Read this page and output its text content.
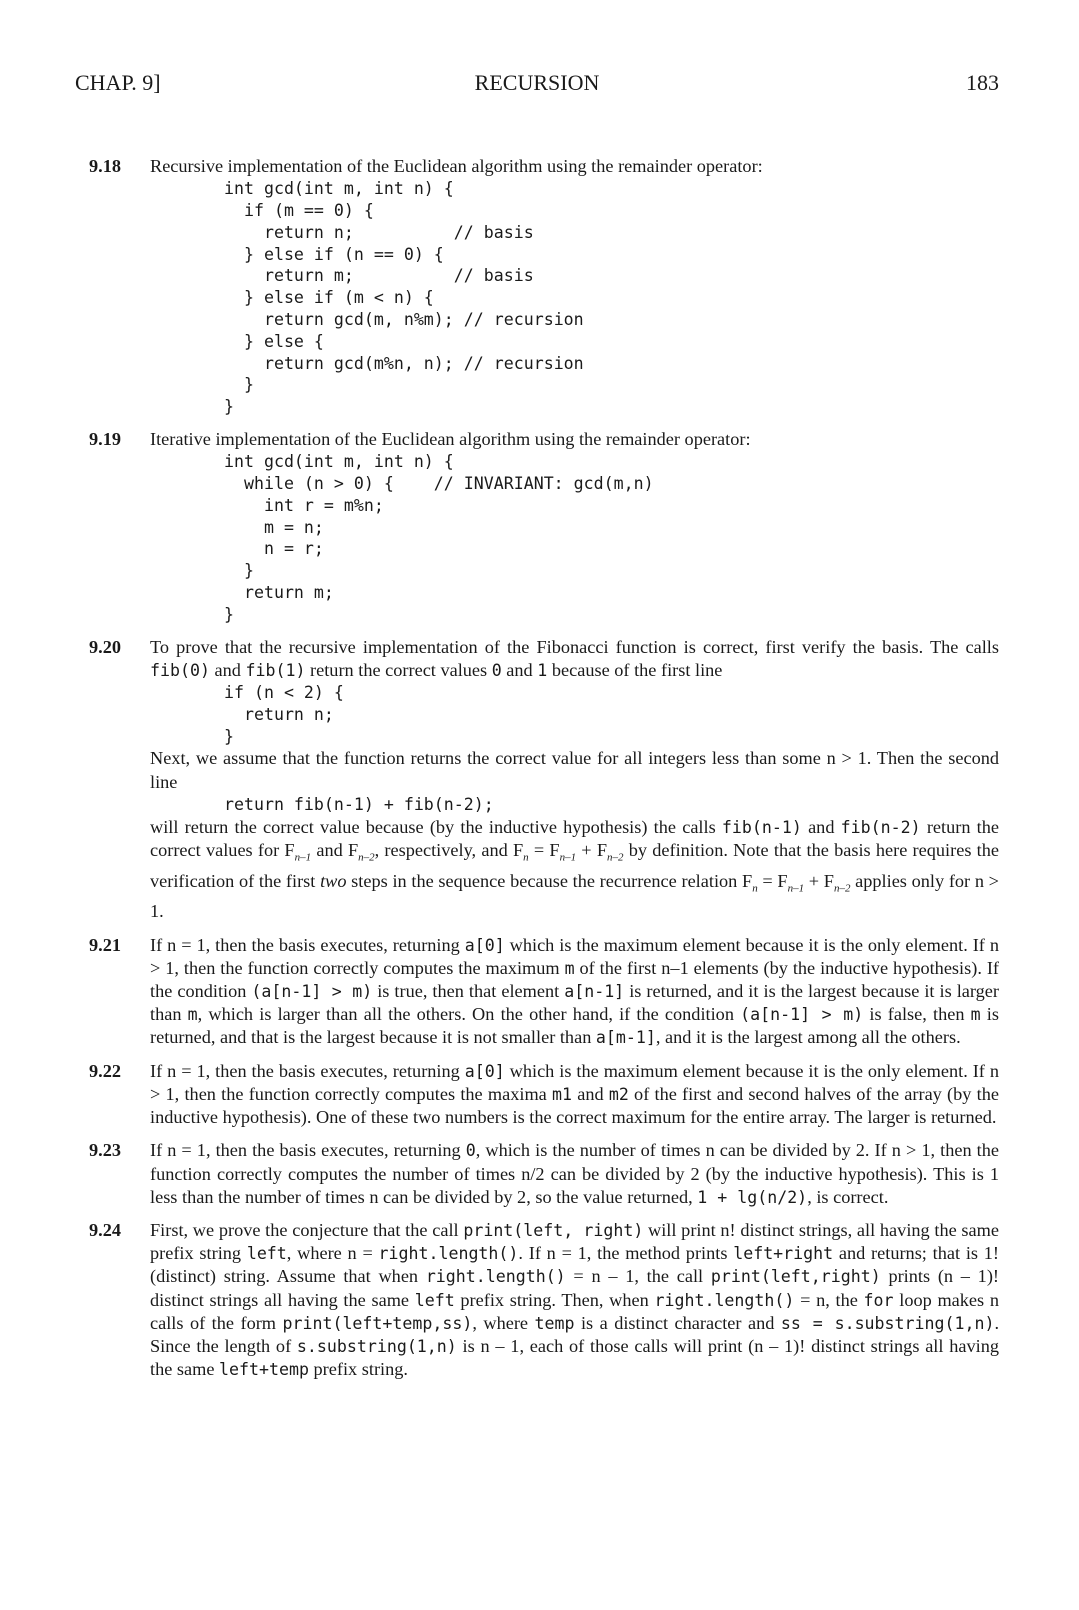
CHAP. 9]	RECURSION	183
9.18 Recursive implementation of the Euclidean algorithm using the remainder operator:

int gcd(int m, int n) {
if (m == 0) {
return n;	// basis
} else if (n == 0) {
return m;	// basis
} else if (m < n) {
return gcd(m, n%m); // recursion
} else {
return gcd(m%n, n); // recursion
}
}
9.19 Iterative implementation of the Euclidean algorithm using the remainder operator:

int gcd(int m, int n) {
while (n > 0) {    // INVARIANT: gcd(m,n)
int r = m%n;
m = n;
n = r;
}
return m;
}
9.20 To prove that the recursive implementation of the Fibonacci function is correct, first verify the basis. The calls fib(0) and fib(1) return the correct values 0 and 1 because of the first line

if (n < 2) {
return n;
}

Next, we assume that the function returns the correct value for all integers less than some n > 1. Then the second line

return fib(n-1) + fib(n-2);

will return the correct value because (by the inductive hypothesis) the calls fib(n-1) and fib(n-2) return the correct values for $F_{n-1}$ and $F_{n-2}$, respectively, and $F_n = F_{n-1} + F_{n-2}$ by definition. Note that the basis here requires the verification of the first two steps in the sequence because the recurrence relation $F_n = F_{n-1} + F_{n-2}$ applies only for n > 1.

9.21 If n = 1, then the basis executes, returning a[0] which is the maximum element because it is the only element. If n > 1, then the function correctly computes the maximum m of the first n–1 elements (by the inductive hypothesis). If the condition (a[n-1] > m) is true, then that element a[n-1] is returned, and it is the largest because it is larger than m, which is larger than all the others. On the other hand, if the condition (a[n-1] > m) is false, then m is returned, and that is the largest because it is not smaller than a[m-1], and it is the largest among all the others.

9.22 If n = 1, then the basis executes, returning a[0] which is the maximum element because it is the only element. If n > 1, then the function correctly computes the maxima m1 and m2 of the first and second halves of the array (by the inductive hypothesis). One of these two numbers is the correct maximum for the entire array. The larger is returned.

9.23 If n = 1, then the basis executes, returning 0, which is the number of times n can be divided by 2. If n > 1, then the function correctly computes the number of times n/2 can be divided by 2 (by the inductive hypothesis). This is 1 less than the number of times n can be divided by 2, so the value returned, 1 + lg(n/2), is correct.

9.24 First, we prove the conjecture that the call print(left, right) will print n! distinct strings, all having the same prefix string left, where n = right.length(). If n = 1, the method prints left+right and returns; that is 1! (distinct) string. Assume that when right.length() = n – 1, the call print(left,right) prints (n – 1)! distinct strings all having the same left prefix string. Then, when right.length() = n, the for loop makes n calls of the form print(left+temp,ss), where temp is a distinct character and ss = s.substring(1,n). Since the length of s.substring(1,n) is n – 1, each of those calls will print (n – 1)! distinct strings all having the same left+temp prefix string.
